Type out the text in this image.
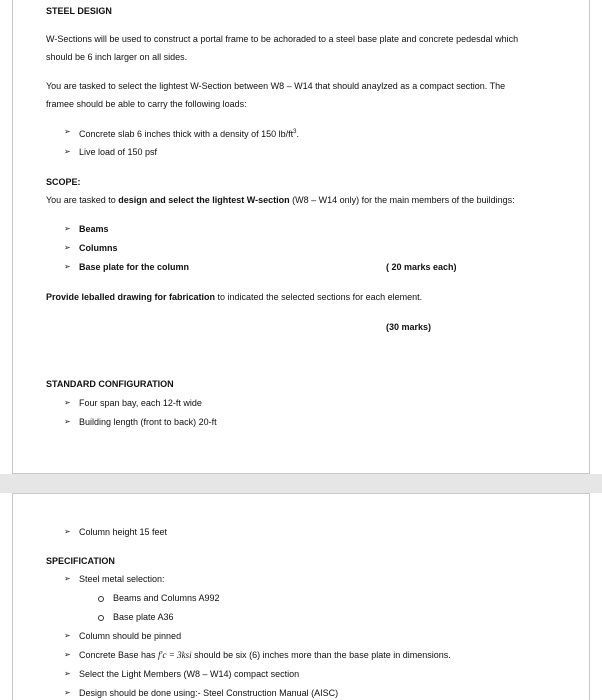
STEEL DESIGN
W-Sections will be used to construct a portal frame to be achoraded to a steel base plate and concrete pedesdal which
should be 6 inch larger on all sides.
You are tasked to select the lightest W-Section between W8 – W14 that should anaylzed as a compact section. The
framee should be able to carry the following loads:
➢ Concrete slab 6 inches thick with a density of 150 $lb/ft^3$.
➢ Live load of 150 psf
SCOPE:
You are tasked to design and select the lightest W-section (W8 – W14 only) for the main members of the buildings:
➢ Beams
➢ Columns
➢ Base plate for the column	( 20 marks each)
Provide leballed drawing for fabrication to indicated the selected sections for each element.
(30 marks)
STANDARD CONFIGURATION
➢ Four span bay, each 12-ft wide
➢ Building length (front to back) 20-ft
➢ Column height 15 feet
SPECIFICATION
➢ Steel metal selection:
Beams and Columns A992
Base plate A36
➢ Column should be pinned
➢ Concrete Base has f′c = 3ksi should be six (6) inches more than the base plate in dimensions.
➢ Select the Light Members (W8 – W14) compact section
➢ Design should be done using:- Steel Construction Manual (AISC)
